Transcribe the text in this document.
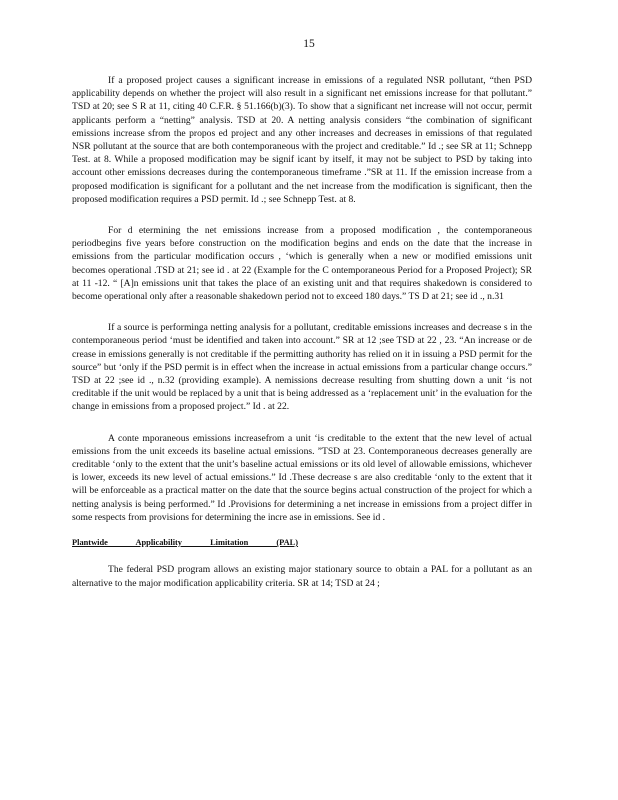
15

If a proposed project causes a significant increase in emissions of a regulated NSR pollutant, “then PSD applicability depends on whether the project will also result in a significant net emissions increase for that pollutant.” TSD at 20; see S R at 11, citing 40 C.F.R. § 51.166(b)(3). To show that a significant net increase will not occur, permit applicants perform a “netting” analysis. TSD at 20. A netting analysis considers “the combination of significant emissions increase sfrom the propos ed project and any other increases and decreases in emissions of that regulated NSR pollutant at the source that are both contemporaneous with the project and creditable.” Id .; see SR at 11; Schnepp Test. at 8. While a proposed modification may be signif icant by itself, it may not be subject to PSD by taking into account other emissions decreases during the contemporaneous timeframe .”SR at 11. If the emission increase from a proposed modification is significant for a pollutant and the net increase from the modification is significant, then the proposed modification requires a PSD permit. Id .; see Schnepp Test. at 8.

For d etermining the net emissions increase from a proposed modification , the contemporaneous periodbegins five years before construction on the modification begins and ends on the date that the increase in emissions from the particular modification occurs , ‘which is generally when a new or modified emissions unit becomes operational .TSD at 21; see id . at 22 (Example for the C ontemporaneous Period for a Proposed Project); SR at 11 -12. “ [A]n emissions unit that takes the place of an existing unit and that requires shakedown is considered to become operational only after a reasonable shakedown period not to exceed 180 days.” TS D at 21; see id ., n.31

If a source is performinga netting analysis for a pollutant, creditable emissions increases and decrease s in the contemporaneous period ‘must be identified and taken into account.” SR at 12 ;see TSD at 22 , 23. “An increase or de crease in emissions generally is not creditable if the permitting authority has relied on it in issuing a PSD permit for the source” but ‘only if the PSD permit is in effect when the increase in actual emissions from a particular change occurs.” TSD at 22 ;see id ., n.32 (providing example). A nemissions decrease resulting from shutting down a unit ‘is not creditable if the unit would be replaced by a unit that is being addressed as a ‘replacement unit’ in the evaluation for the change in emissions from a proposed project.” Id . at 22.

A conte mporaneous emissions increasefrom a unit ‘is creditable to the extent that the new level of actual emissions from the unit exceeds its baseline actual emissions. ”TSD at 23. Contemporaneous decreases generally are creditable ‘only to the extent that the unit’s baseline actual emissions or its old level of allowable emissions, whichever is lower, exceeds its new level of actual emissions.” Id .These decrease s are also creditable ‘only to the extent that it will be enforceable as a practical matter on the date that the source begins actual construction of the project for which a netting analysis is being performed.” Id .Provisions for determining a net increase in emissions from a project differ in some respects from provisions for determining the incre ase in emissions. See id .

Plantwide Applicability Limitation (PAL)

The federal PSD program allows an existing major stationary source to obtain a PAL for a pollutant as an alternative to the major modification applicability criteria. SR at 14; TSD at 24 ;
